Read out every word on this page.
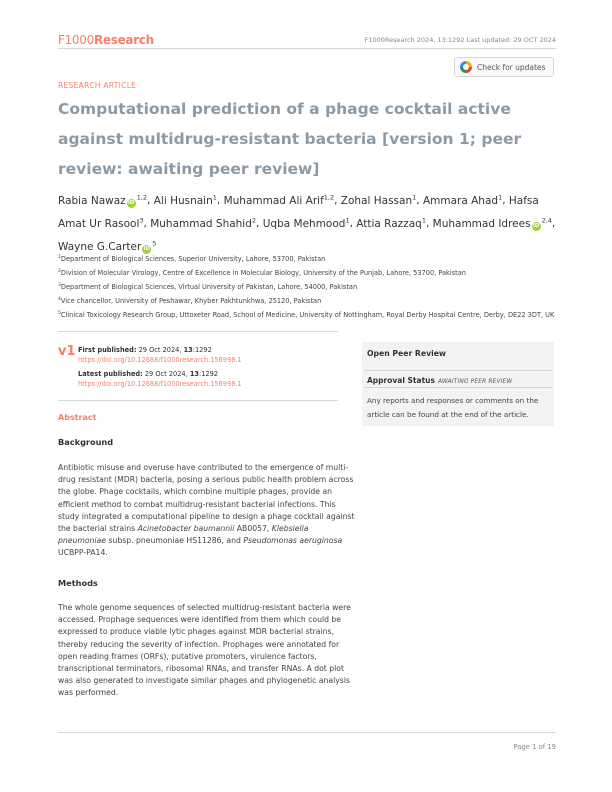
F1000Research	F1000Research 2024, 13:1292 Last updated: 29 OCT 2024
Check for updates
RESEARCH ARTICLE
Computational prediction of a phage cocktail active against multidrug-resistant bacteria [version 1; peer review: awaiting peer review]
Rabia Nawaz iD$^{1,2}$, Ali Husnain$^1$, Muhammad Ali Arif$^{1,2}$, Zohal Hassan$^1$, Ammara Ahad$^1$, Hafsa Amat Ur Rasool$^3$, Muhammad Shahid$^2$, Uqba Mehmood$^1$, Attia Razzaq$^1$, Muhammad Idrees iD$^{2,4}$, Wayne G.Carter $iD^5$
$^1$Department of Biological Sciences, Superior University, Lahore, 53700, Pakistan
$^2$Division of Molecular Virology, Centre of Excellence in Molecular Biology, University of the Punjab, Lahore, 53700, Pakistan
$^3$Department of Biological Sciences, Virtual University of Pakistan, Lahore, 54000, Pakistan
$^4$Vice chancellor, University of Peshawar, Khyber Pakhtunkhwa, 25120, Pakistan
$^5$Clinical Toxicology Research Group, Uttoxeter Road, School of Medicine, University of Nottingham, Royal Derby Hospital Centre, Derby, DE22 3DT, UK
v1 First published: 29 Oct 2024, 13:1292
https://doi.org/10.12688/f1000research.156998.1
Latest published: 29 Oct 2024, 13:1292
https://doi.org/10.12688/f1000research.156998.1
Abstract
Background
Antibiotic misuse and overuse have contributed to the emergence of multi-drug resistant (MDR) bacteria, posing a serious public health problem across the globe. Phage cocktails, which combine multiple phages, provide an efficient method to combat multidrug-resistant bacterial infections. This study integrated a computational pipeline to design a phage cocktail against the bacterial strains Acinetobacter baumannii AB0057, Klebsiella pneumoniae subsp. pneumoniae HS11286, and Pseudomonas aeruginosa UCBPP-PA14.
Methods
The whole genome sequences of selected multidrug-resistant bacteria were accessed. Prophage sequences were identified from them which could be expressed to produce viable lytic phages against MDR bacterial strains, thereby reducing the severity of infection. Prophages were annotated for open reading frames (ORFs), putative promoters, virulence factors, transcriptional terminators, ribosomal RNAs, and transfer RNAs. A dot plot was also generated to investigate similar phages and phylogenetic analysis was performed.
Open Peer Review
Approval Status AWAITING PEER REVIEW
Any reports and responses or comments on the article can be found at the end of the article.
Page 1 of 19
